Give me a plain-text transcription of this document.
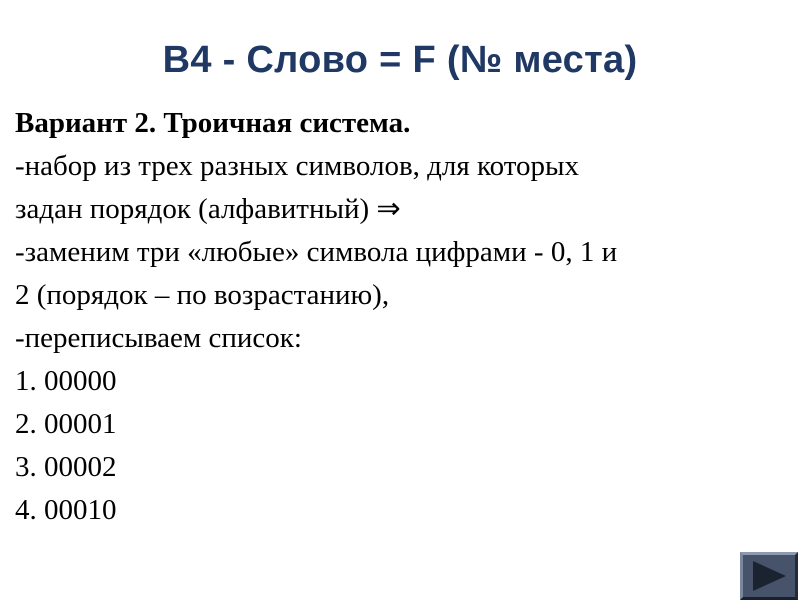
В4 - Слово = F (№ места)
Вариант 2. Троичная система.
-набор из трех разных символов, для которых
задан порядок (алфавитный) ⇒
-заменим три «любые» символа цифрами - 0, 1 и
2 (порядок – по возрастанию),
-переписываем список:
1. 00000
2. 00001
3. 00002
4. 00010
